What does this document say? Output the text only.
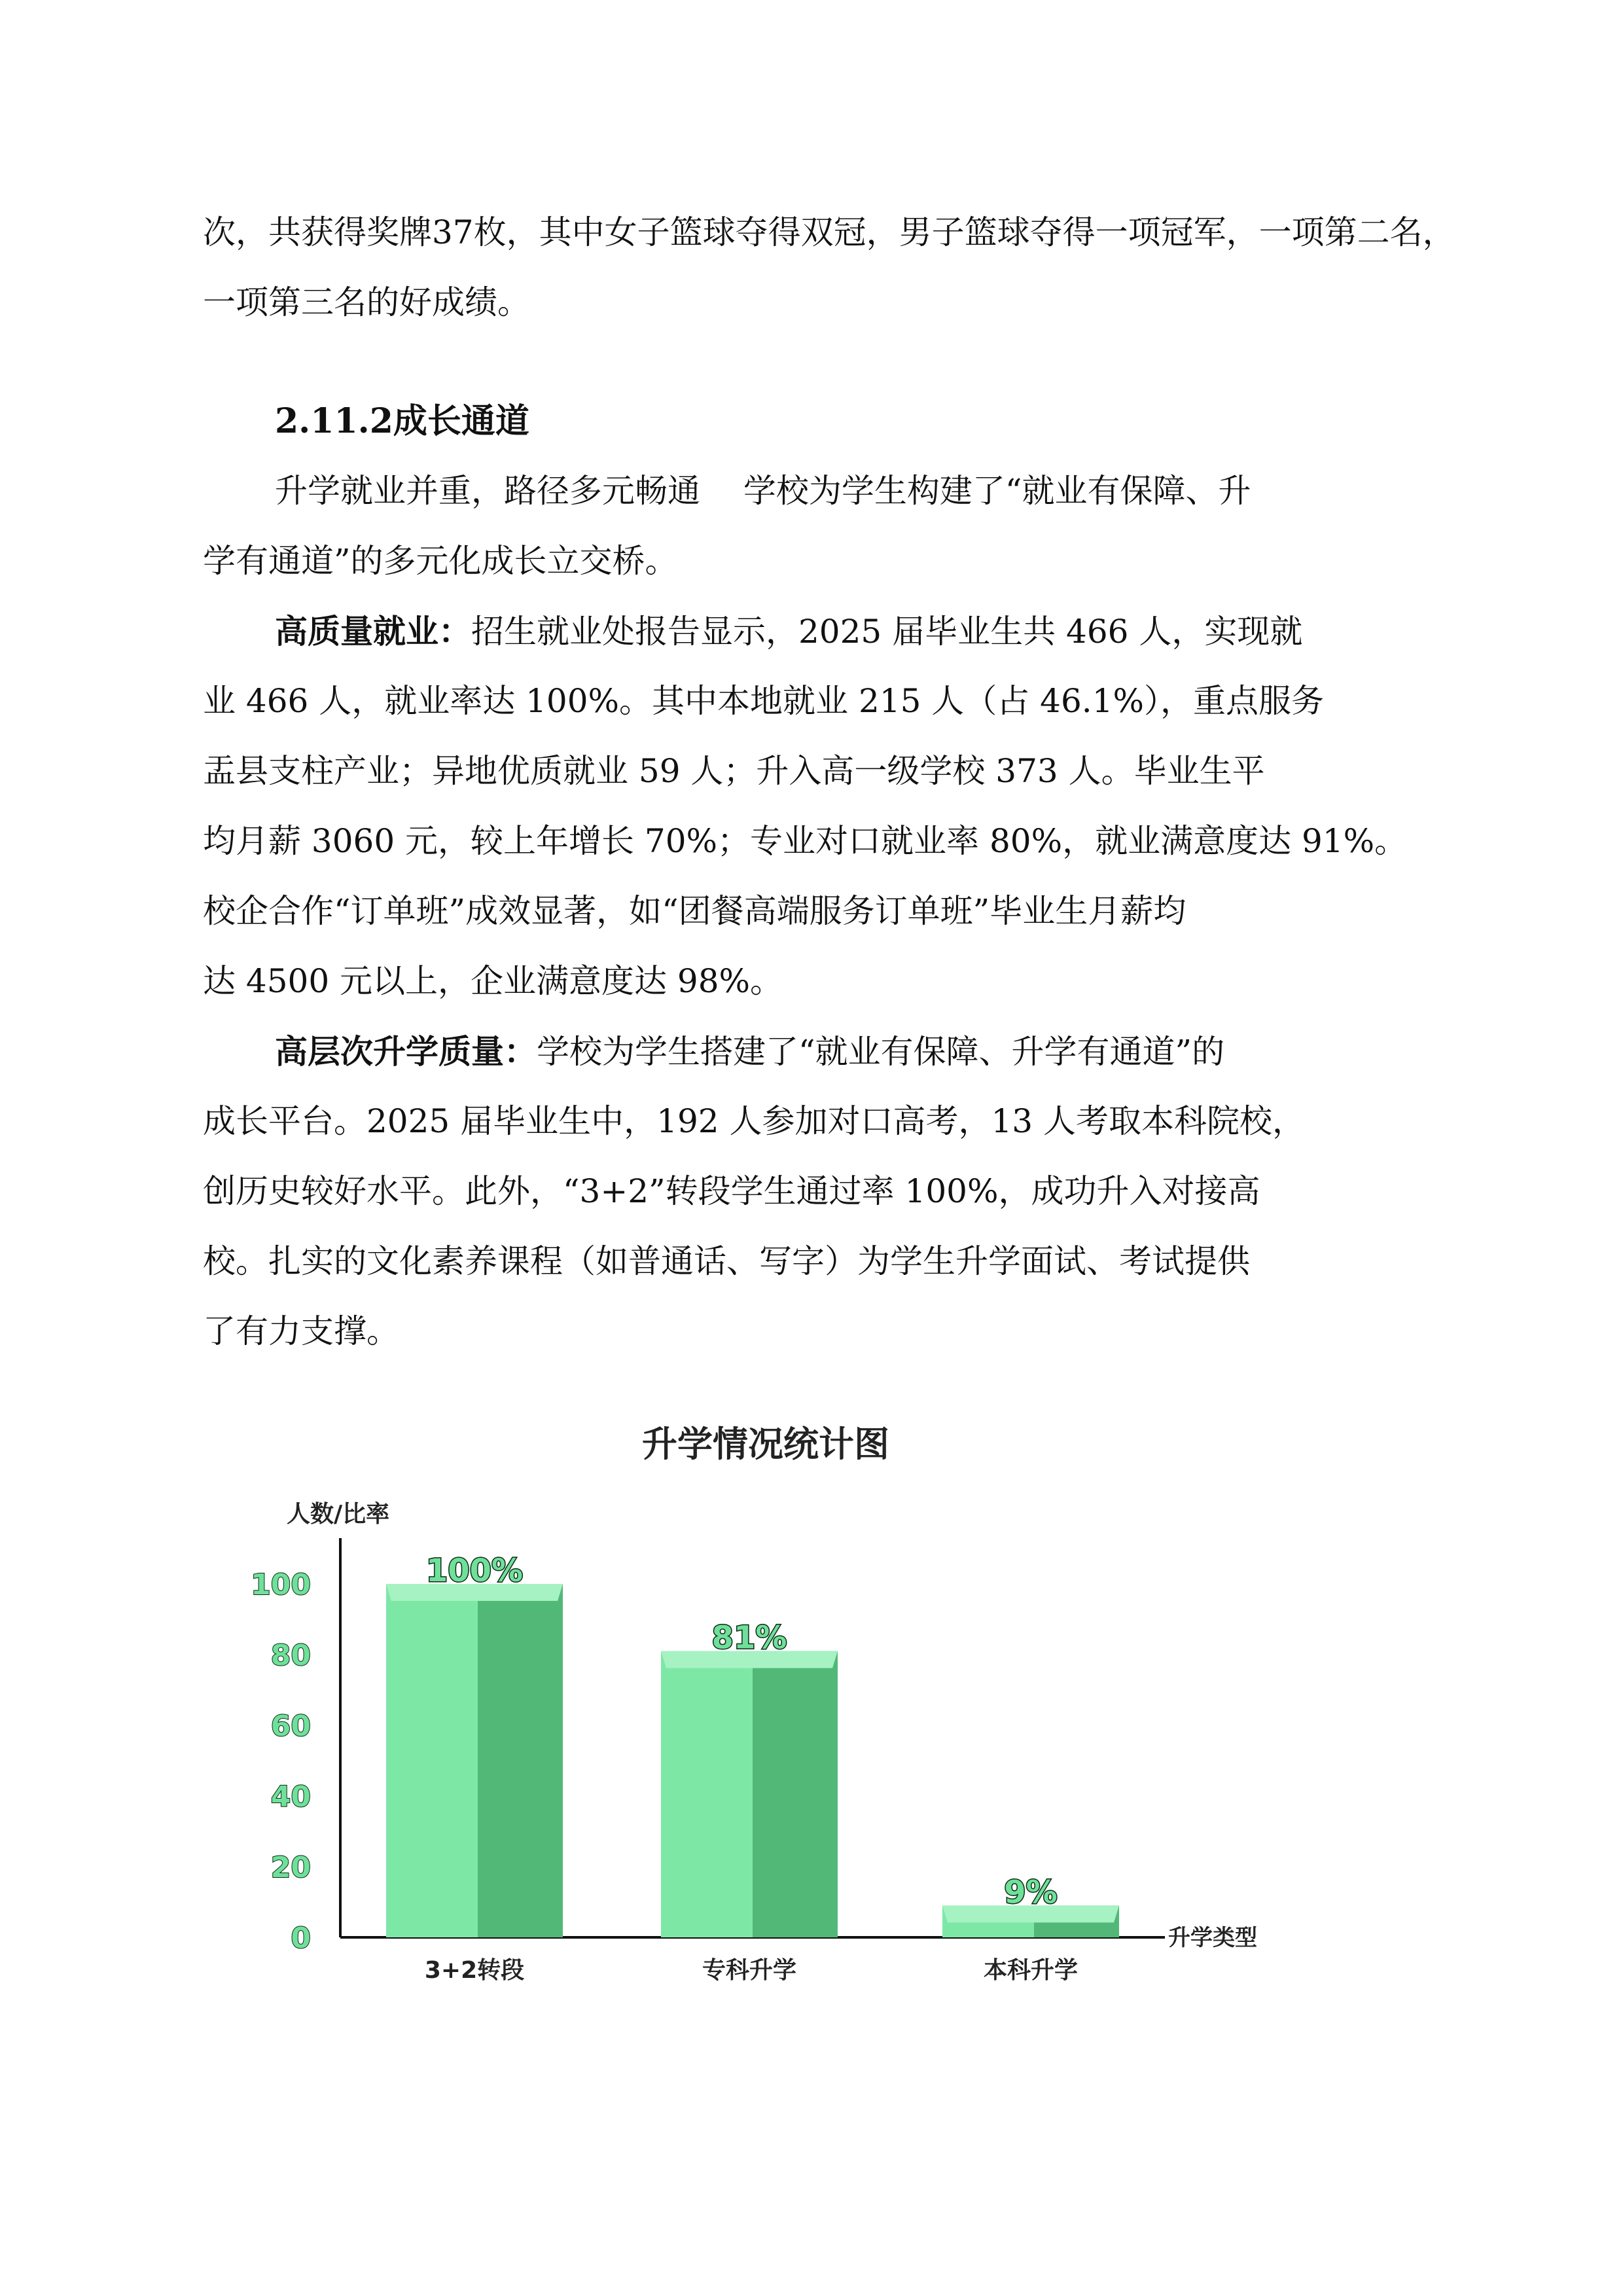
次，共获得奖牌37枚，其中女子篮球夺得双冠，男子篮球夺得一项冠军，一项第二名，

一项第三名的好成绩。

2.11.2成长通道

升学就业并重，路径多元畅通　 学校为学生构建了“就业有保障、升

学有通道”的多元化成长立交桥。

高质量就业：招生就业处报告显示，2025 届毕业生共 466 人，实现就

业 466 人，就业率达 100%。其中本地就业 215 人（占 46.1%），重点服务

盂县支柱产业；异地优质就业 59 人；升入高一级学校 373 人。毕业生平

均月薪 3060 元，较上年增长 70%；专业对口就业率 80%，就业满意度达 91%。

校企合作“订单班”成效显著，如“团餐高端服务订单班”毕业生月薪均

达 4500 元以上，企业满意度达 98%。

高层次升学质量：学校为学生搭建了“就业有保障、升学有通道”的

成长平台。2025 届毕业生中，192 人参加对口高考，13 人考取本科院校，

创历史较好水平。此外，“3+2”转段学生通过率 100%，成功升入对接高

校。扎实的文化素养课程（如普通话、写字）为学生升学面试、考试提供

了有力支撑。

升学情况统计图
人数/比率
升学类型
0
20
40
60
80
100	100%
3+2转段
81%
专科升学
9%
本科升学
